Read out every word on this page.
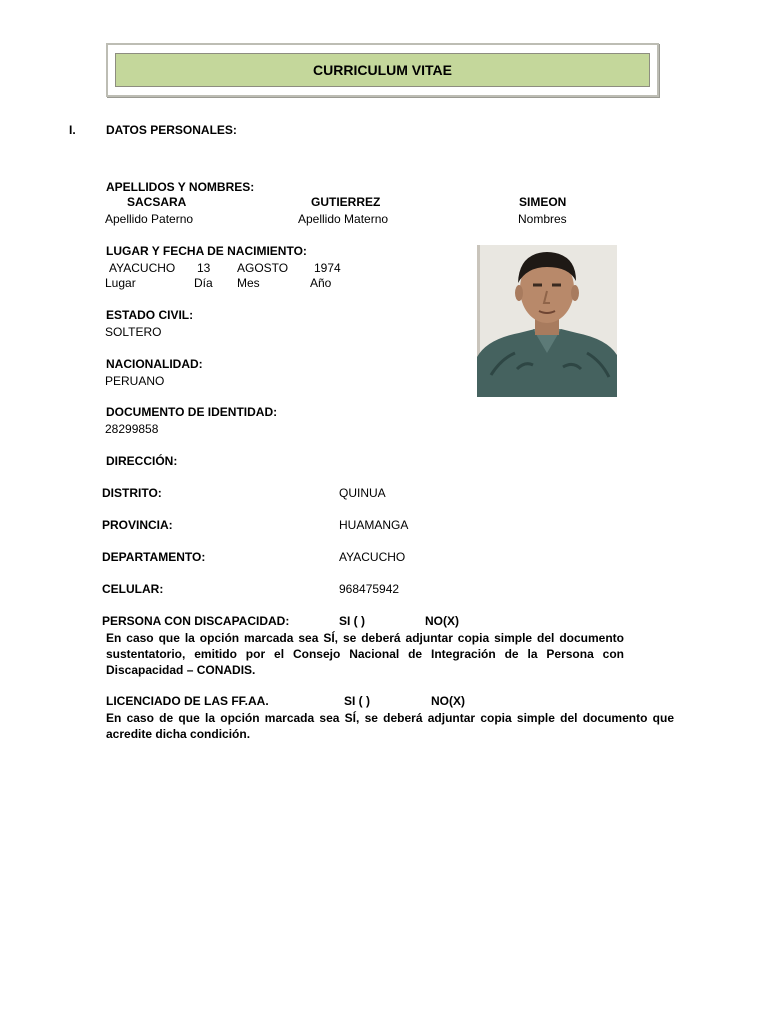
CURRICULUM VITAE
I.	DATOS PERSONALES:
APELLIDOS Y NOMBRES:
SACSARA	GUTIERREZ	SIMEON
Apellido Paterno	Apellido Materno	Nombres
LUGAR Y FECHA DE NACIMIENTO:
AYACUCHO 13 AGOSTO 1974
Lugar	Día Mes	Año
ESTADO CIVIL:
SOLTERO
NACIONALIDAD:
PERUANO
DOCUMENTO DE IDENTIDAD:
28299858
DIRECCIÓN:
DISTRITO:	QUINUA
PROVINCIA:	HUAMANGA
DEPARTAMENTO:	AYACUCHO
CELULAR:	968475942
PERSONA CON DISCAPACIDAD:	SI ( )	NO(X)
En caso que la opción marcada sea SÍ, se deberá adjuntar copia simple del documento sustentatorio, emitido por el Consejo Nacional de Integración de la Persona con Discapacidad – CONADIS.
LICENCIADO DE LAS FF.AA.	SI ( )	NO(X)
En caso de que la opción marcada sea SÍ, se deberá adjuntar copia simple del documento que acredite dicha condición.
